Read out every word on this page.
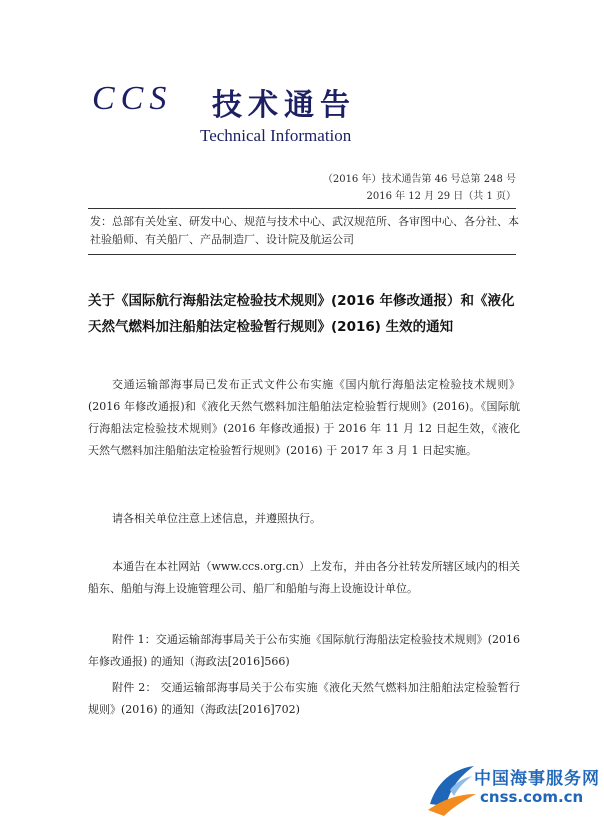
CCS 技术通告
Technical Information
（2016 年）技术通告第 46 号总第 248 号
2016 年 12 月 29 日（共 1 页）
发：总部有关处室、研发中心、规范与技术中心、武汉规范所、各审图中心、各分社、本社验船师、有关船厂、产品制造厂、设计院及航运公司
关于《国际航行海船法定检验技术规则》(2016 年修改通报）和《液化天然气燃料加注船舶法定检验暂行规则》(2016) 生效的通知
交通运输部海事局已发布正式文件公布实施《国内航行海船法定检验技术规则》(2016 年修改通报)和《液化天然气燃料加注船舶法定检验暂行规则》(2016)。《国际航行海船法定检验技术规则》(2016 年修改通报) 于 2016 年 11 月 12 日起生效，《液化天然气燃料加注船舶法定检验暂行规则》(2016) 于 2017 年 3 月 1 日起实施。
请各相关单位注意上述信息，并遵照执行。
本通告在本社网站（www.ccs.org.cn）上发布，并由各分社转发所辖区域内的相关船东、船舶与海上设施管理公司、船厂和船舶与海上设施设计单位。
附件 1：交通运输部海事局关于公布实施《国际航行海船法定检验技术规则》(2016 年修改通报) 的通知（海政法[2016]566)
附件 2： 交通运输部海事局关于公布实施《液化天然气燃料加注船舶法定检验暂行规则》(2016) 的通知（海政法[2016]702)
中国海事服务网
cnss.com.cn
